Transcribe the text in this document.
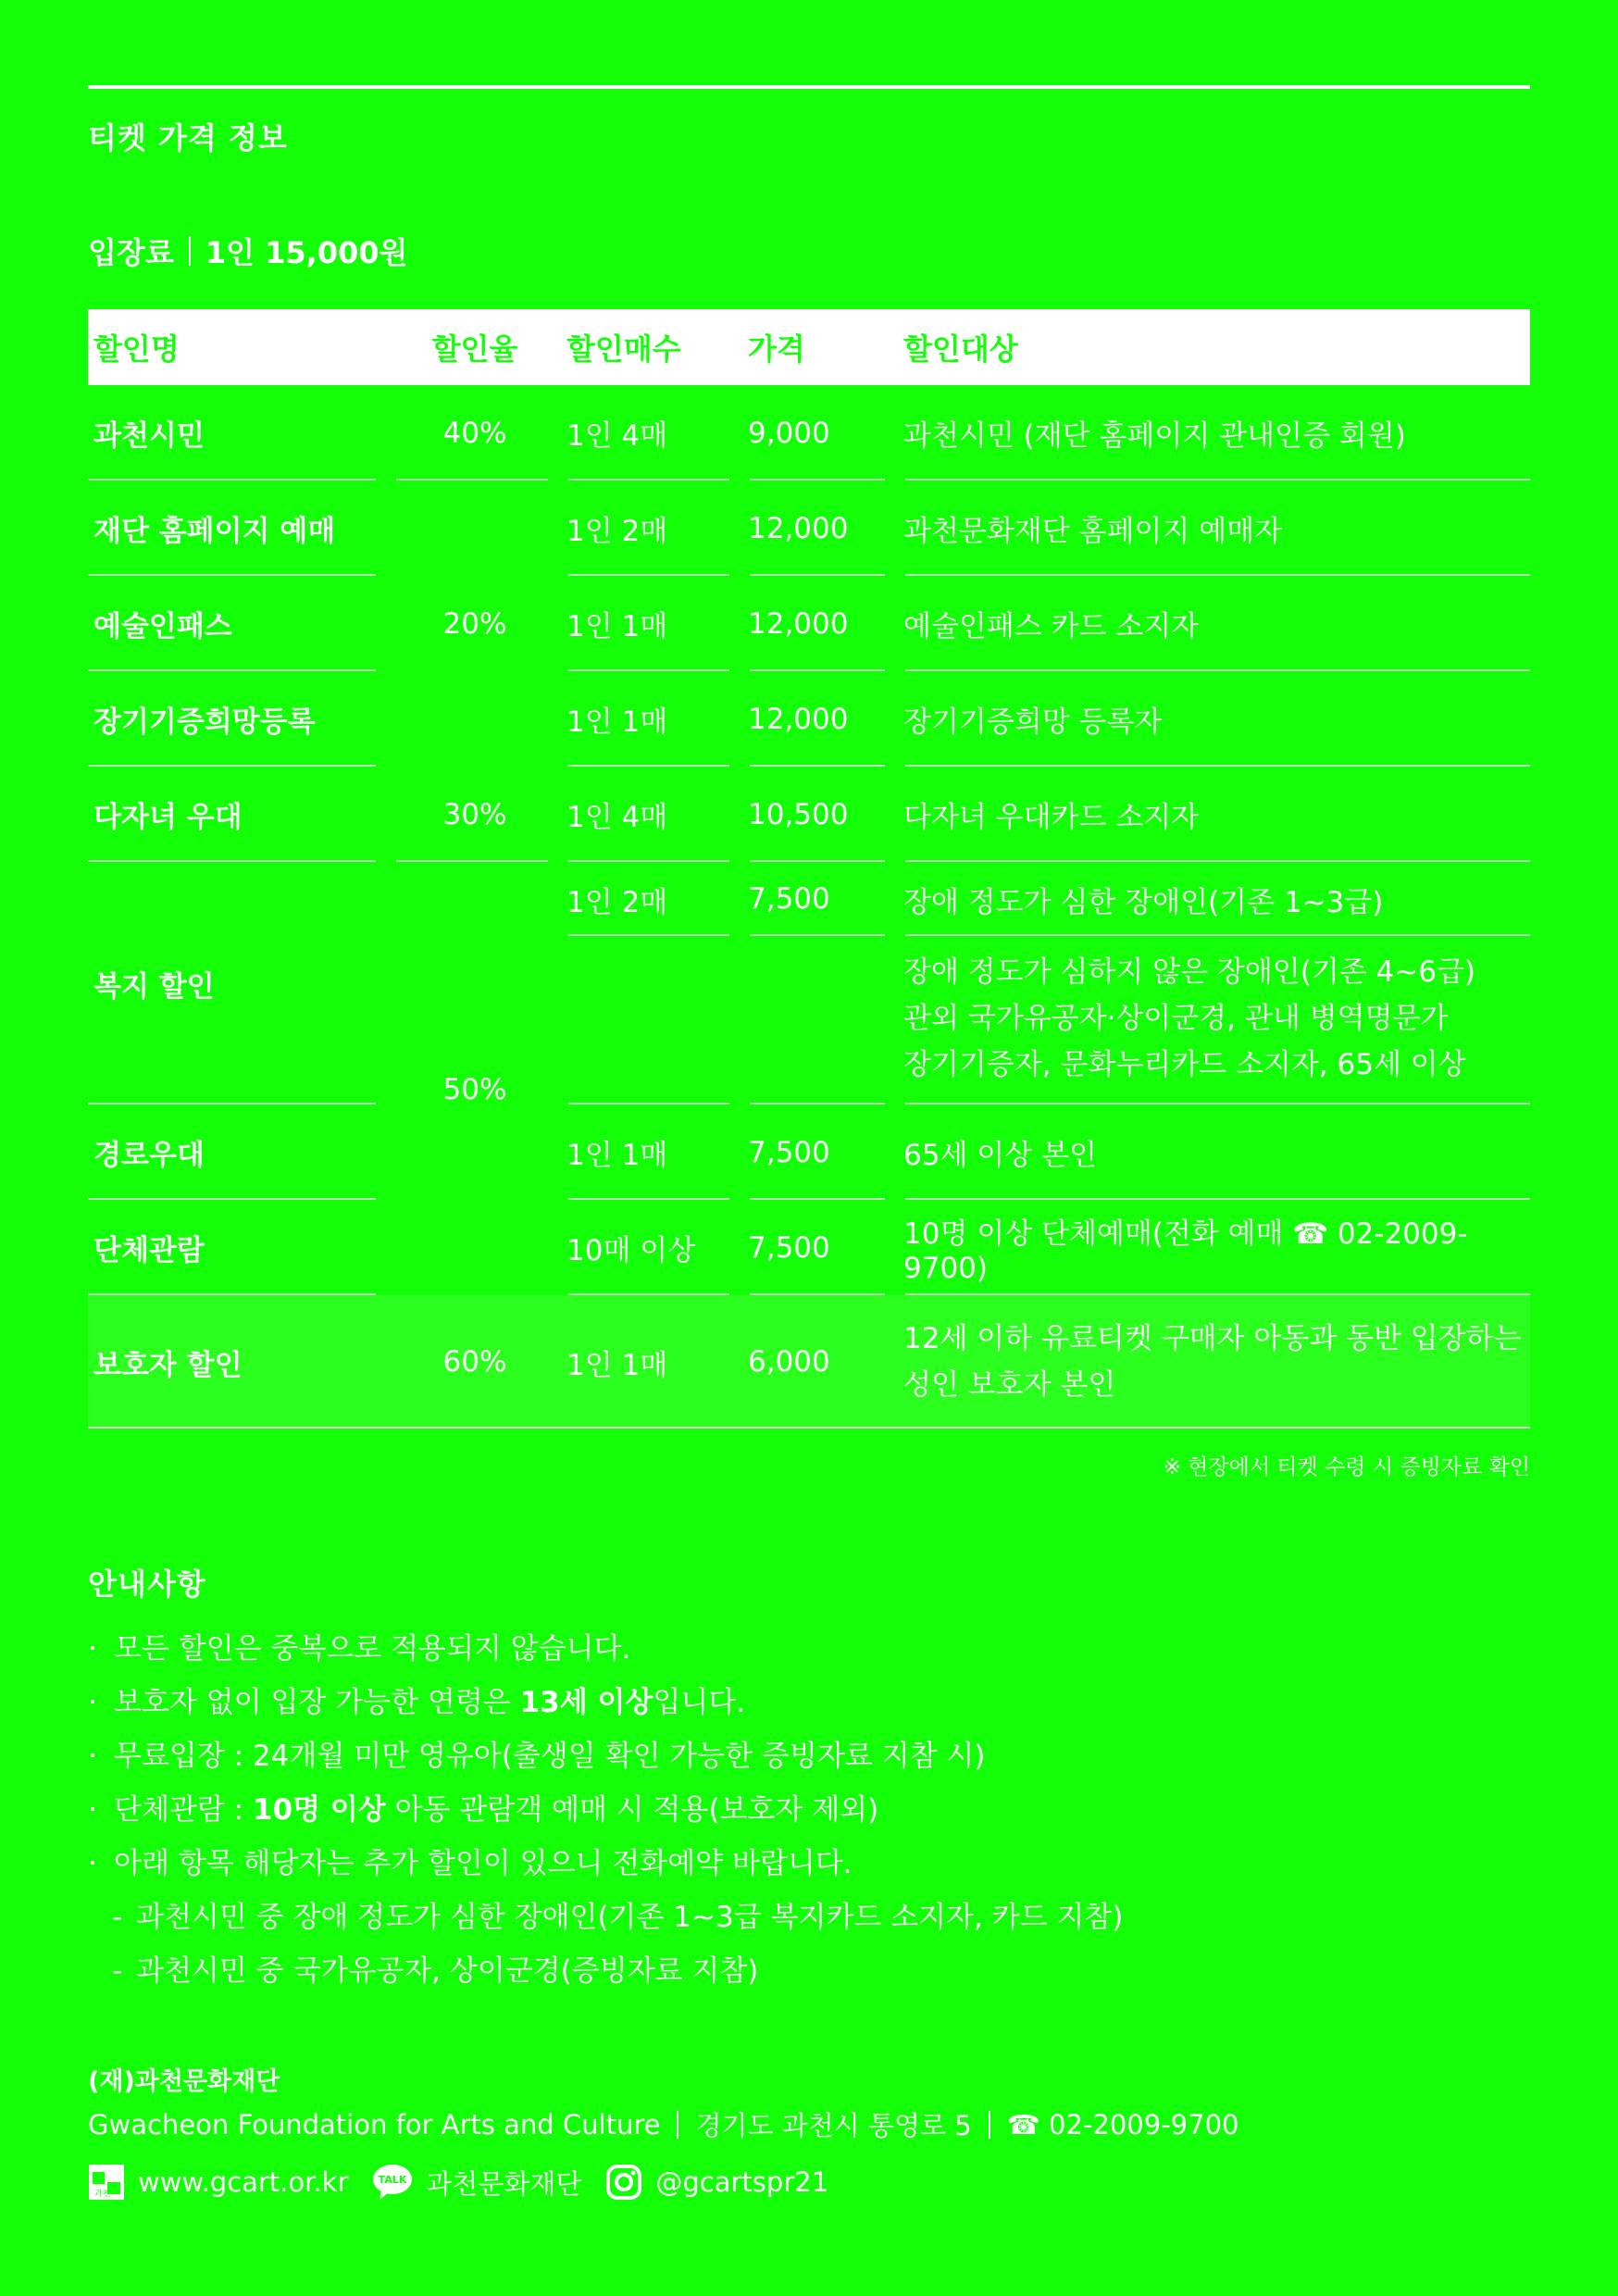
티켓 가격 정보
입장료 1인 15,000원
할인명	할인율	할인매수	가격	할인대상
과천시민	40%	1인 4매	9,000	과천시민 (재단 홈페이지 관내인증 회원)
재단 홈페이지 예매	20%	1인 2매	12,000	과천문화재단 홈페이지 예매자
예술인패스		1인 1매	12,000	예술인패스 카드 소지자
장기기증희망등록		1인 1매	12,000	장기기증희망 등록자
다자녀 우대	30%	1인 4매	10,500	다자녀 우대카드 소지자
복지 할인	50%	1인 2매	7,500	장애 정도가 심한 장애인(기존 1~3급)

				장애 정도가 심하지 않은 장애인(기존 4~6급)
관외 국가유공자·상이군경, 관내 병역명문가
장기기증자, 문화누리카드 소지자, 65세 이상

경로우대		1인 1매	7,500	65세 이상 본인
단체관람		10매 이상	7,500	10명 이상 단체예매(전화 예매 ☎ 02-2009-9700)
보호자 할인	60%	1인 1매	6,000	12세 이하 유료티켓 구매자 아동과 동반 입장하는
성인 보호자 본인
※ 현장에서 티켓 수령 시 증빙자료 확인
안내사항
· 모든 할인은 중복으로 적용되지 않습니다.
· 보호자 없이 입장 가능한 연령은 13세 이상입니다.
· 무료입장 : 24개월 미만 영유아(출생일 확인 가능한 증빙자료 지참 시)
· 단체관람 : 10명 이상 아동 관람객 예매 시 적용(보호자 제외)
· 아래 항목 해당자는 추가 할인이 있으니 전화예약 바랍니다.
- 과천시민 중 장애 정도가 심한 장애인(기존 1~3급 복지카드 소지자, 카드 지참)
- 과천시민 중 국가유공자, 상이군경(증빙자료 지참)
(재)과천문화재단
Gwacheon Foundation for Arts and Culture 경기도 과천시 통영로 5 ☎ 02-2009-9700
과천 www.gcart.or.kr	TALK 과천문화재단	@gcartspr21
